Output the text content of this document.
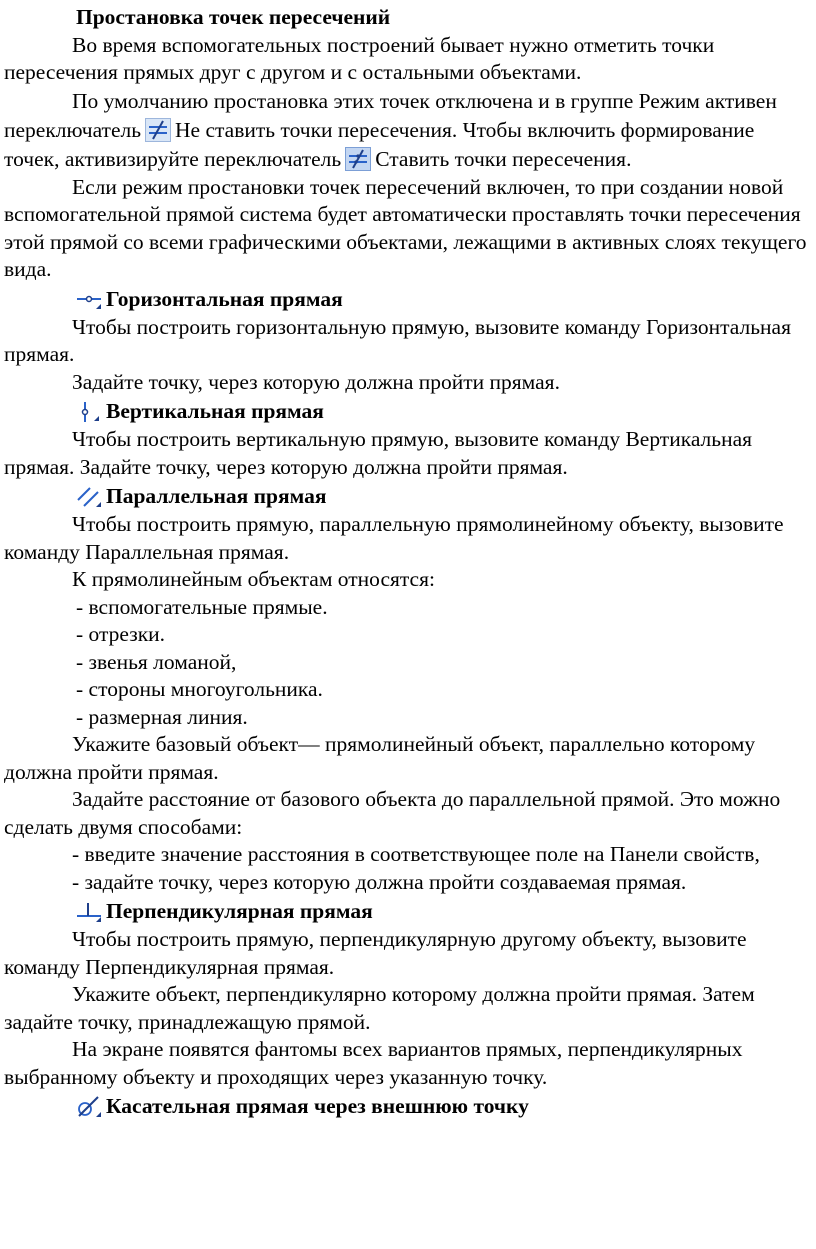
Простановка точек пересечений

Во время вспомогательных построений бывает нужно отметить точки пересечения прямых друг с другом и с остальными объектами.

По умолчанию простановка этих точек отключена и в группе Режим активен переключатель Не ставить точки пересечения. Чтобы включить формирование точек, активизируйте переключатель Ставить точки пересечения.

Если режим простановки точек пересечений включен, то при создании новой вспомогательной прямой система будет автоматически проставлять точки пересечения этой прямой со всеми графическими объектами, лежащими в активных слоях текущего вида.

Горизонтальная прямая

Чтобы построить горизонтальную прямую, вызовите команду Горизонтальная прямая.

Задайте точку, через которую должна пройти прямая.

Вертикальная прямая

Чтобы построить вертикальную прямую, вызовите команду Вертикальная прямая. Задайте точку, через которую должна пройти прямая.

Параллельная прямая

Чтобы построить прямую, параллельную прямолинейному объекту, вызовите команду Параллельная прямая.

К прямолинейным объектам относятся:

- вспомогательные прямые.

- отрезки.

- звенья ломаной,

- стороны многоугольника.

- размерная линия.

Укажите базовый объект— прямолинейный объект, параллельно которому должна пройти прямая.

Задайте расстояние от базового объекта до параллельной прямой. Это можно сделать двумя способами:

- введите значение расстояния в соответствующее поле на Панели свойств,

- задайте точку, через которую должна пройти создаваемая прямая.

Перпендикулярная прямая

Чтобы построить прямую, перпендикулярную другому объекту, вызовите команду Перпендикулярная прямая.

Укажите объект, перпендикулярно которому должна пройти прямая. Затем задайте точку, принадлежащую прямой.

На экране появятся фантомы всех вариантов прямых, перпендикулярных выбранному объекту и проходящих через указанную точку.

Касательная прямая через внешнюю точку
